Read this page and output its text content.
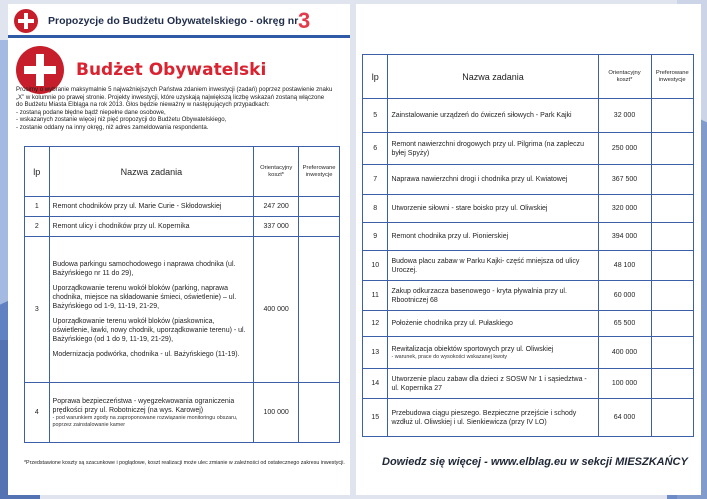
Propozycje do Budżetu Obywatelskiego - okręg nr 3
Budżet Obywatelski

Prosimy o wybranie maksymalnie 5 najważniejszych Państwa zdaniem inwestycji (zadań) poprzez postawienie znaku

„X” w kolumnie po prawej stronie. Projekty inwestycji, które uzyskają największą liczbę wskazań zostaną włączone

do Budżetu Miasta Elbląga na rok 2013. Głos będzie nieważny w następujących przypadkach:

- zostaną podane błędne bądź niepełne dane osobowe,

- wskazanych zostanie więcej niż pięć propozycji do Budżetu Obywatelskiego,

- zostanie oddany na inny okręg, niż adres zameldowania respondenta.

lp	Nazwa zadania	Orientacyjny koszt*	Preferowane inwestycje
1	Remont chodników przy ul. Marie Curie - Skłodowskiej	247 200	
2	Remont ulicy i chodników przy ul. Kopernika	337 000	
3	Budowa parkingu samochodowego i naprawa chodnika (ul. Bażyńskiego nr 11 do 29),
Uporządkowanie terenu wokół bloków (parking, naprawa chodnika, miejsce na składowanie śmieci, oświetlenie) – ul. Bażyńskiego od 1-9, 11-19, 21-29,
Uporządkowanie terenu wokół bloków (piaskownica, oświetlenie, ławki, nowy chodnik, uporządkowanie terenu) - ul. Bażyńskiego (od 1 do 9, 11-19, 21-29),
Modernizacja podwórka, chodnika - ul. Bażyńskiego (11-19).	400 000	
4	Poprawa bezpieczeństwa - wyegzekwowania ograniczenia prędkości przy ul. Robotniczej (na wys. Karowej)
- pod warunkiem zgody na zaproponowane rozwiązanie monitoringu obszaru, poprzez zainstalowanie kamer	100 000	
*Przedstawione koszty są szacunkowe i poglądowe, koszt realizacji może ulec zmianie w zależności od ostatecznego zakresu inwestycji.
lp	Nazwa zadania	Orientacyjny koszt*	Preferowane inwestycje
5	Zainstalowanie urządzeń do ćwiczeń siłowych - Park Kajki	32 000	
6	Remont nawierzchni drogowych przy ul. Pilgrima (na zapleczu byłej Spyży)	250 000	
7	Naprawa nawierzchni drogi i chodnika przy ul. Kwiatowej	367 500	
8	Utworzenie siłowni - stare boisko przy ul. Oliwskiej	320 000	
9	Remont chodnika przy ul. Pionierskiej	394 000	
10	Budowa placu zabaw w Parku Kajki- część mniejsza od ulicy Uroczej.	48 100	
11	Zakup odkurzacza basenowego - kryta pływalnia przy ul. Rbootniczej 68	60 000	
12	Położenie chodnika przy ul. Pułaskiego	65 500	
13	Rewitalizacja obiektów sportowych przy ul. Oliwskiej
- warunek, prace do wysokości wskazanej kwoty	400 000	
14	Utworzenie placu zabaw dla dzieci z SOSW Nr 1 i sąsiedztwa - ul. Kopernika 27	100 000	
15	Przebudowa ciągu pieszego. Bezpieczne przejście i schody wzdłuż ul. Oliwskiej i ul. Sienkiewicza (przy IV LO)	64 000	
Dowiedz się więcej - www.elblag.eu w sekcji MIESZKAŃCY
